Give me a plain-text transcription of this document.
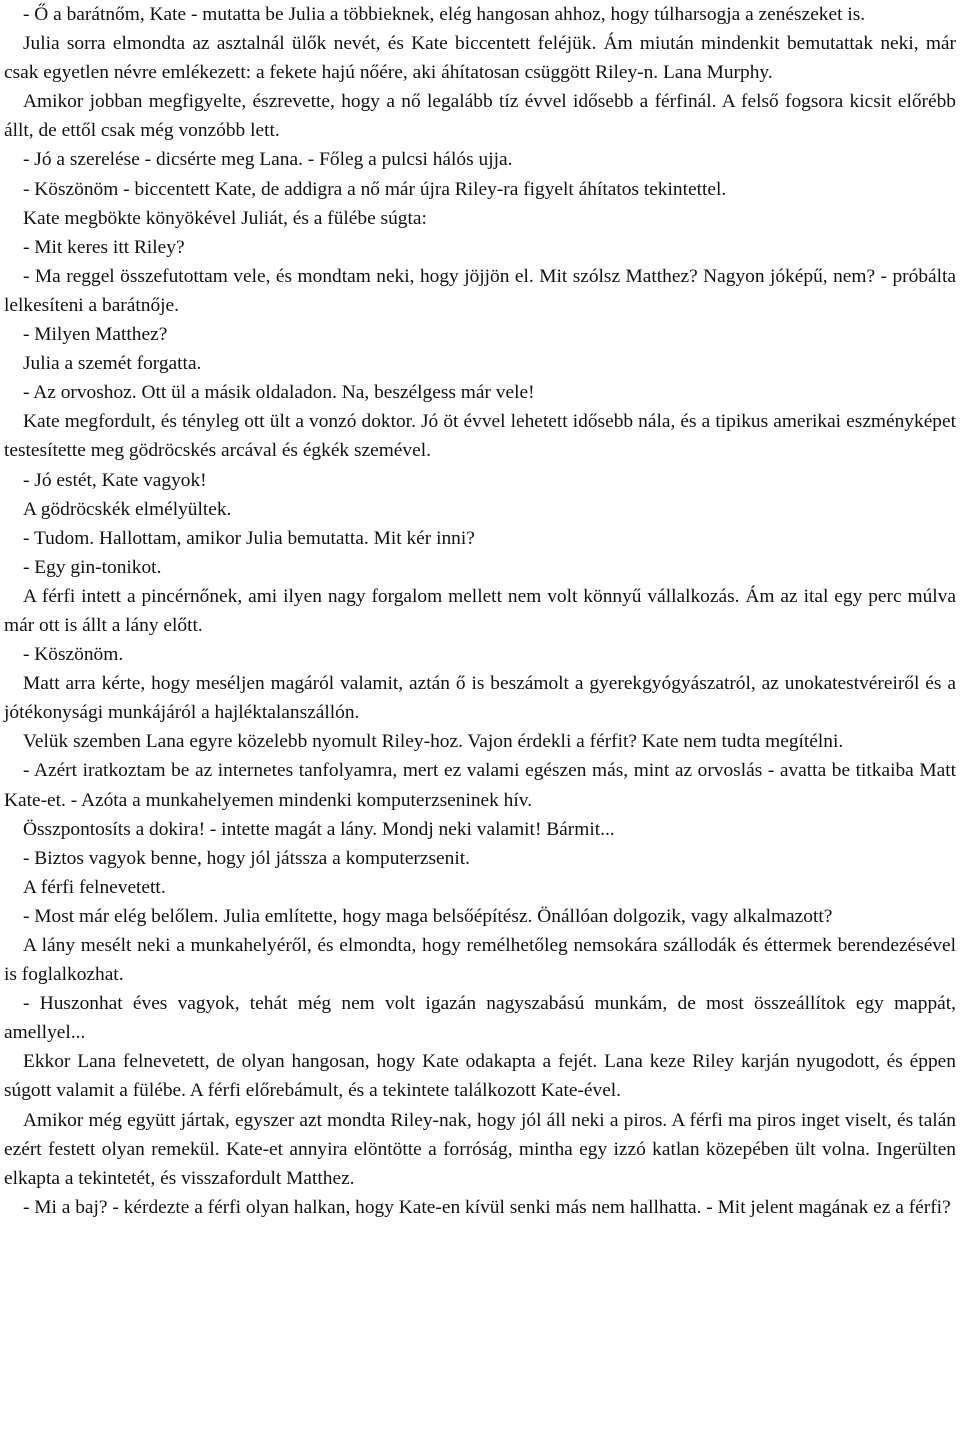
- Ő a barátnőm, Kate - mutatta be Julia a többieknek, elég hangosan ahhoz, hogy túlharsogja a zenészeket is.

Julia sorra elmondta az asztalnál ülők nevét, és Kate biccentett feléjük. Ám miután mindenkit bemutattak neki, már csak egyetlen névre emlékezett: a fekete hajú nőére, aki áhítatosan csüggött Riley-n. Lana Murphy.

Amikor jobban megfigyelte, észrevette, hogy a nő legalább tíz évvel idősebb a férfinál. A felső fogsora kicsit előrébb állt, de ettől csak még vonzóbb lett.

- Jó a szerelése - dicsérte meg Lana. - Főleg a pulcsi hálós ujja.

- Köszönöm - biccentett Kate, de addigra a nő már újra Riley-ra figyelt áhítatos tekintettel.

Kate megbökte könyökével Juliát, és a fülébe súgta:

- Mit keres itt Riley?

- Ma reggel összefutottam vele, és mondtam neki, hogy jöjjön el. Mit szólsz Matthez? Nagyon jóképű, nem? - próbálta lelkesíteni a barátnője.

- Milyen Matthez?

Julia a szemét forgatta.

- Az orvoshoz. Ott ül a másik oldaladon. Na, beszélgess már vele!

Kate megfordult, és tényleg ott ült a vonzó doktor. Jó öt évvel lehetett idősebb nála, és a tipikus amerikai eszményképet testesítette meg gödröcskés arcával és égkék szemével.

- Jó estét, Kate vagyok!

A gödröcskék elmélyültek.

- Tudom. Hallottam, amikor Julia bemutatta. Mit kér inni?

- Egy gin-tonikot.

A férfi intett a pincérnőnek, ami ilyen nagy forgalom mellett nem volt könnyű vállalkozás. Ám az ital egy perc múlva már ott is állt a lány előtt.

- Köszönöm.

Matt arra kérte, hogy meséljen magáról valamit, aztán ő is beszámolt a gyerekgyógyászatról, az unokatestvéreiről és a jótékonysági munkájáról a hajléktalanszállón.

Velük szemben Lana egyre közelebb nyomult Riley-hoz. Vajon érdekli a férfit? Kate nem tudta megítélni.

- Azért iratkoztam be az internetes tanfolyamra, mert ez valami egészen más, mint az orvoslás - avatta be titkaiba Matt Kate-et. - Azóta a munkahelyemen mindenki komputerzseninek hív.

Összpontosíts a dokira! - intette magát a lány. Mondj neki valamit! Bármit...

- Biztos vagyok benne, hogy jól játssza a komputerzsenit.

A férfi felnevetett.

- Most már elég belőlem. Julia említette, hogy maga belsőépítész. Önállóan dolgozik, vagy alkalmazott?

A lány mesélt neki a munkahelyéről, és elmondta, hogy remélhetőleg nemsokára szállodák és éttermek berendezésével is foglalkozhat.

- Huszonhat éves vagyok, tehát még nem volt igazán nagyszabású munkám, de most összeállítok egy mappát, amellyel...

Ekkor Lana felnevetett, de olyan hangosan, hogy Kate odakapta a fejét. Lana keze Riley karján nyugodott, és éppen súgott valamit a fülébe. A férfi előrebámult, és a tekintete találkozott Kate-ével.

Amikor még együtt jártak, egyszer azt mondta Riley-nak, hogy jól áll neki a piros. A férfi ma piros inget viselt, és talán ezért festett olyan remekül. Kate-et annyira elöntötte a forróság, mintha egy izzó katlan közepében ült volna. Ingerülten elkapta a tekintetét, és visszafordult Matthez.

- Mi a baj? - kérdezte a férfi olyan halkan, hogy Kate-en kívül senki más nem hallhatta. - Mit jelent magának ez a férfi?
